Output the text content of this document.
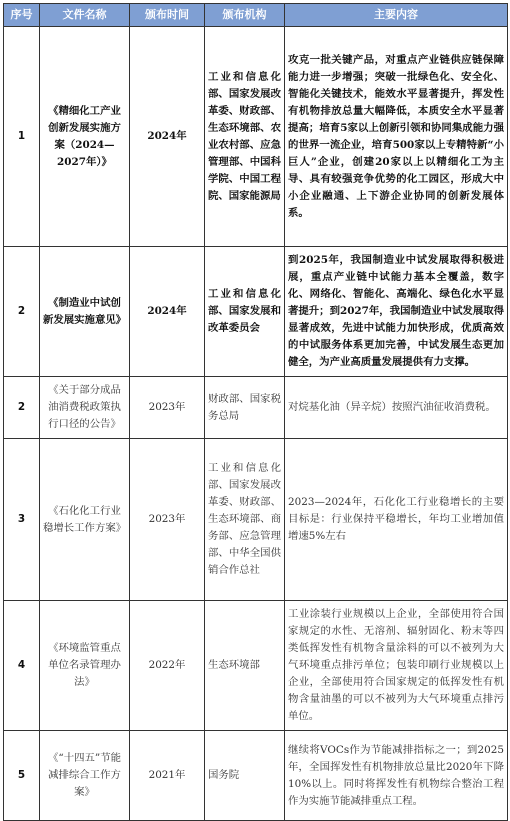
序号	文件名称	颁布时间	颁布机构	主要内容
1	《精细化工产业创新发展实施方案（2024—2027年）》	2024年	工业和信息化部、国家发展改革委、财政部、生态环境部、农业农村部、应急管理部、中国科学院、中国工程院、国家能源局	攻克一批关键产品，对重点产业链供应链保障能力进一步增强；突破一批绿色化、安全化、智能化关键技术，能效水平显著提升，挥发性有机物排放总量大幅降低，本质安全水平显著提高；培育5家以上创新引领和协同集成能力强的世界一流企业，培育500家以上专精特新“小巨人”企业，创建20家以上以精细化工为主导、具有较强竞争优势的化工园区，形成大中小企业融通、上下游企业协同的创新发展体系。
2	《制造业中试创新发展实施意见》	2024年	工业和信息化部、国家发展和改革委员会	到2025年，我国制造业中试发展取得积极进展，重点产业链中试能力基本全覆盖，数字化、网络化、智能化、高端化、绿色化水平显著提升；到2027年，我国制造业中试发展取得显著成效，先进中试能力加快形成，优质高效的中试服务体系更加完善，中试发展生态更加健全，为产业高质量发展提供有力支撑。
2	《关于部分成品油消费税政策执行口径的公告》	2023年	财政部、国家税务总局	对烷基化油（异辛烷）按照汽油征收消费税。
3	《石化化工行业稳增长工作方案》	2023年	工业和信息化部、国家发展改革委、财政部、生态环境部、商务部、应急管理部、中华全国供销合作总社	2023—2024年，石化化工行业稳增长的主要目标是：行业保持平稳增长，年均工业增加值增速5%左右
4	《环境监管重点单位名录管理办法》	2022年	生态环境部	工业涂装行业规模以上企业，全部使用符合国家规定的水性、无溶剂、辐射固化、粉末等四类低挥发性有机物含量涂料的可以不被列为大气环境重点排污单位；包装印刷行业规模以上企业，全部使用符合国家规定的低挥发性有机物含量油墨的可以不被列为大气环境重点排污单位。
5	《“十四五”节能减排综合工作方案》	2021年	国务院	继续将VOCs作为节能减排指标之一；到2025年，全国挥发性有机物排放总量比2020年下降10%以上。同时将挥发性有机物综合整治工程作为实施节能减排重点工程。
